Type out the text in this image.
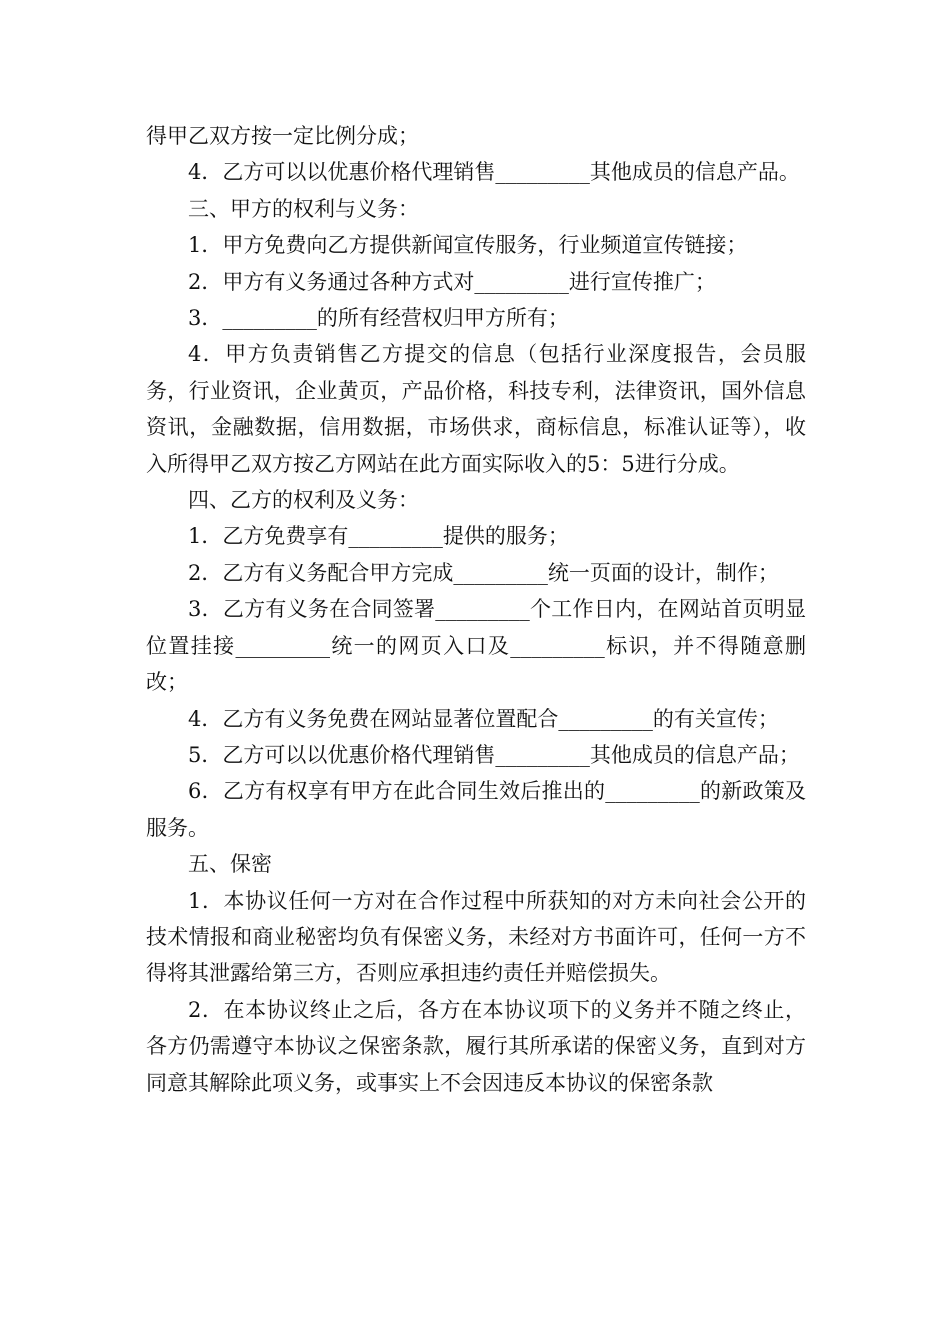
得甲乙双方按一定比例分成；

4．乙方可以以优惠价格代理销售_________其他成员的信息产品。

三、甲方的权利与义务：

1．甲方免费向乙方提供新闻宣传服务，行业频道宣传链接；

2．甲方有义务通过各种方式对_________进行宣传推广；

3．_________的所有经营权归甲方所有；

4．甲方负责销售乙方提交的信息（包括行业深度报告，会员服务，行业资讯，企业黄页，产品价格，科技专利，法律资讯，国外信息资讯，金融数据，信用数据，市场供求，商标信息，标准认证等），收入所得甲乙双方按乙方网站在此方面实际收入的5：5进行分成。

四、乙方的权利及义务：

1．乙方免费享有_________提供的服务；

2．乙方有义务配合甲方完成_________统一页面的设计，制作；

3．乙方有义务在合同签署_________个工作日内，在网站首页明显位置挂接_________统一的网页入口及_________标识，并不得随意删改；

4．乙方有义务免费在网站显著位置配合_________的有关宣传；

5．乙方可以以优惠价格代理销售_________其他成员的信息产品；

6．乙方有权享有甲方在此合同生效后推出的_________的新政策及服务。

五、保密

1．本协议任何一方对在合作过程中所获知的对方未向社会公开的技术情报和商业秘密均负有保密义务，未经对方书面许可，任何一方不得将其泄露给第三方，否则应承担违约责任并赔偿损失。

2．在本协议终止之后，各方在本协议项下的义务并不随之终止，各方仍需遵守本协议之保密条款，履行其所承诺的保密义务，直到对方同意其解除此项义务，或事实上不会因违反本协议的保密条款
